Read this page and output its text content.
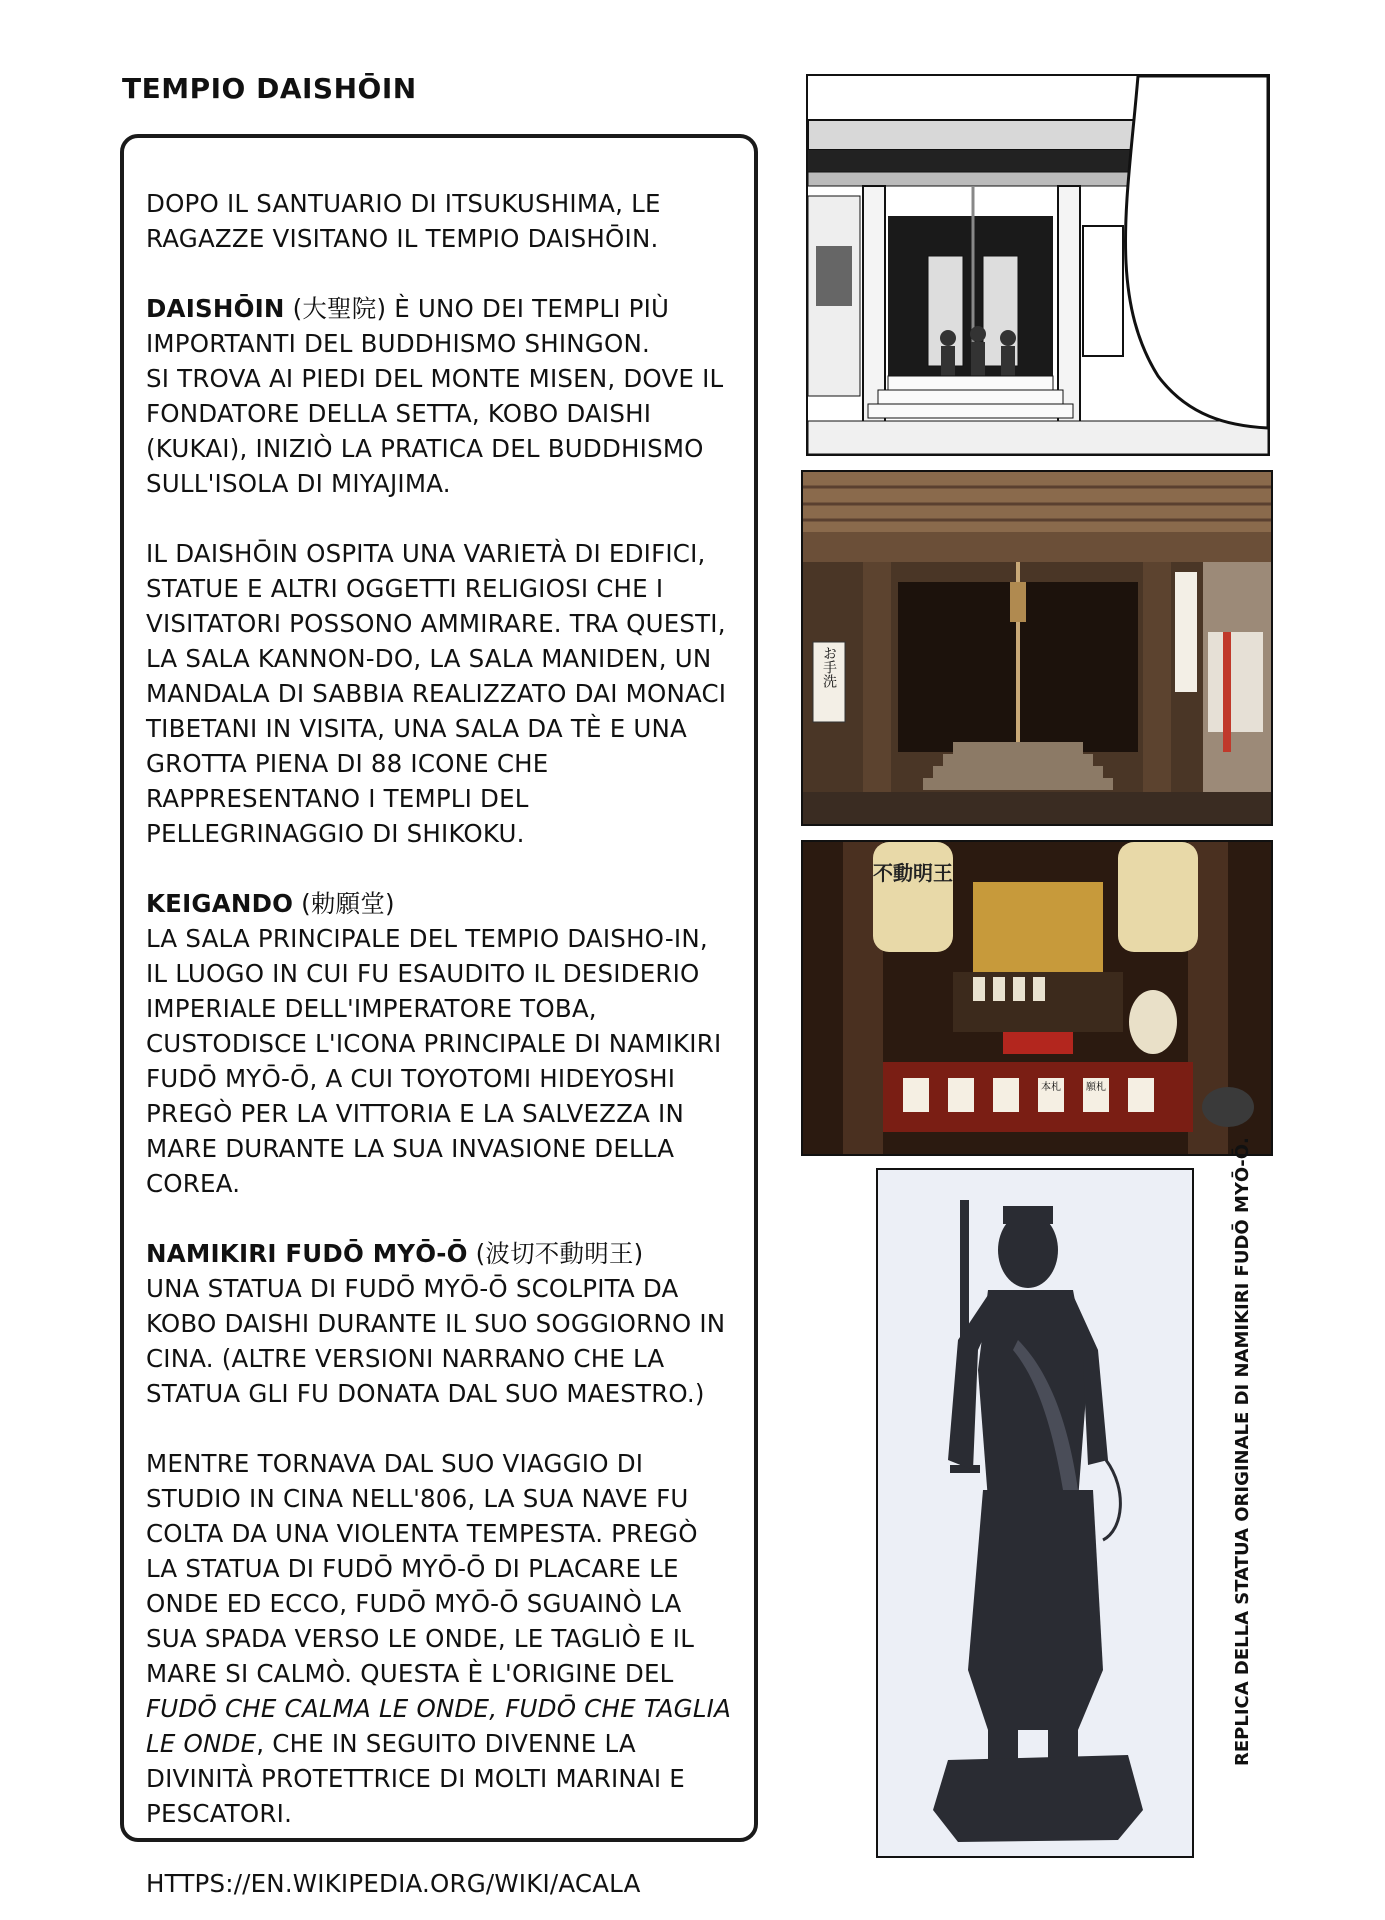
TEMPIO DAISHŌIN

DOPO IL SANTUARIO DI ITSUKUSHIMA, LE RAGAZZE VISITANO IL TEMPIO DAISHŌIN.

DAISHŌIN (大聖院) È UNO DEI TEMPLI PIÙ IMPORTANTI DEL BUDDHISMO SHINGON.
SI TROVA AI PIEDI DEL MONTE MISEN, DOVE IL FONDATORE DELLA SETTA, KOBO DAISHI (KUKAI), INIZIÒ LA PRATICA DEL BUDDHISMO SULL'ISOLA DI MIYAJIMA.

IL DAISHŌIN OSPITA UNA VARIETÀ DI EDIFICI, STATUE E ALTRI OGGETTI RELIGIOSI CHE I VISITATORI POSSONO AMMIRARE. TRA QUESTI, LA SALA KANNON-DO, LA SALA MANIDEN, UN MANDALA DI SABBIA REALIZZATO DAI MONACI TIBETANI IN VISITA, UNA SALA DA TÈ E UNA GROTTA PIENA DI 88 ICONE CHE RAPPRESENTANO I TEMPLI DEL PELLEGRINAGGIO DI SHIKOKU.

KEIGANDO (勅願堂)
LA SALA PRINCIPALE DEL TEMPIO DAISHO-IN, IL LUOGO IN CUI FU ESAUDITO IL DESIDERIO IMPERIALE DELL'IMPERATORE TOBA, CUSTODISCE L'ICONA PRINCIPALE DI NAMIKIRI FUDŌ MYŌ-Ō, A CUI TOYOTOMI HIDEYOSHI PREGÒ PER LA VITTORIA E LA SALVEZZA IN MARE DURANTE LA SUA INVASIONE DELLA COREA.

NAMIKIRI FUDŌ MYŌ-Ō (波切不動明王)
UNA STATUA DI FUDŌ MYŌ-Ō SCOLPITA DA KOBO DAISHI DURANTE IL SUO SOGGIORNO IN CINA. (ALTRE VERSIONI NARRANO CHE LA STATUA GLI FU DONATA DAL SUO MAESTRO.)

MENTRE TORNAVA DAL SUO VIAGGIO DI STUDIO IN CINA NELL'806, LA SUA NAVE FU COLTA DA UNA VIOLENTA TEMPESTA. PREGÒ LA STATUA DI FUDŌ MYŌ-Ō DI PLACARE LE ONDE ED ECCO, FUDŌ MYŌ-Ō SGUAINÒ LA SUA SPADA VERSO LE ONDE, LE TAGLIÒ E IL MARE SI CALMÒ. QUESTA È L'ORIGINE DEL FUDŌ CHE CALMA LE ONDE, FUDŌ CHE TAGLIA LE ONDE, CHE IN SEGUITO DIVENNE LA DIVINITÀ PROTETTRICE DI MOLTI MARINAI E PESCATORI.

HTTPS://EN.WIKIPEDIA.ORG/WIKI/ACALA

お手洗
不動明王
本札	願札
REPLICA DELLA STATUA ORIGINALE DI NAMIKIRI FUDŌ MYŌ-Ō.
